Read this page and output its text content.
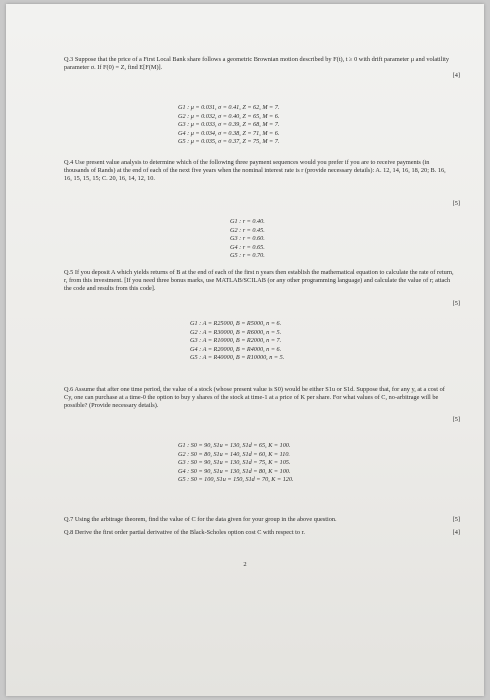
Q.3 Suppose that the price of a First Local Bank share follows a geometric Brownian motion described by F(t), t ≥ 0 with drift parameter μ and volatility parameter σ. If F(0) = Z, find E[F(M)].
[4]
G1 : μ = 0.031, σ = 0.41, Z = 62, M = 7.
G2 : μ = 0.032, σ = 0.40, Z = 65, M = 6.
G3 : μ = 0.033, σ = 0.39, Z = 68, M = 7.
G4 : μ = 0.034, σ = 0.38, Z = 71, M = 6.
G5 : μ = 0.035, σ = 0.37, Z = 75, M = 7.
Q.4 Use present value analysis to determine which of the following three payment sequences would you prefer if you are to receive payments (in thousands of Rands) at the end of each of the next five years when the nominal interest rate is r (provide necessary details): A. 12, 14, 16, 18, 20; B. 16, 16, 15, 15, 15; C. 20, 16, 14, 12, 10.
[5]
G1 : r = 0.40.
G2 : r = 0.45.
G3 : r = 0.60.
G4 : r = 0.65.
G5 : r = 0.70.
Q.5 If you deposit A which yields returns of B at the end of each of the first n years then establish the mathematical equation to calculate the rate of return, r, from this investment. [If you need three bonus marks, use MATLAB/SCILAB (or any other programming language) and calculate the value of r; attach the code and results from this code].
[5]
G1 : A = R25000, B = R5000, n = 6.
G2 : A = R30000, B = R6000, n = 5.
G3 : A = R10000, B = R2000, n = 7.
G4 : A = R20000, B = R4000, n = 6.
G5 : A = R40000, B = R10000, n = 5.
Q.6 Assume that after one time period, the value of a stock (whose present value is S0) would be either S1u or S1d. Suppose that, for any y, at a cost of Cy, one can purchase at a time-0 the option to buy y shares of the stock at time-1 at a price of K per share. For what values of C, no-arbitrage will be possible? (Provide necessary details).
[5]
G1 : S0 = 90, S1u = 130, S1d = 65, K = 100.
G2 : S0 = 80, S1u = 140, S1d = 60, K = 110.
G3 : S0 = 90, S1u = 130, S1d = 75, K = 105.
G4 : S0 = 90, S1u = 130, S1d = 80, K = 100.
G5 : S0 = 100, S1u = 150, S1d = 70, K = 120.
Q.7 Using the arbitrage theorem, find the value of C for the data given for your group in the above question.	[5]
Q.8 Derive the first order partial derivative of the Black-Scholes option cost C with respect to r.	[4]
2
